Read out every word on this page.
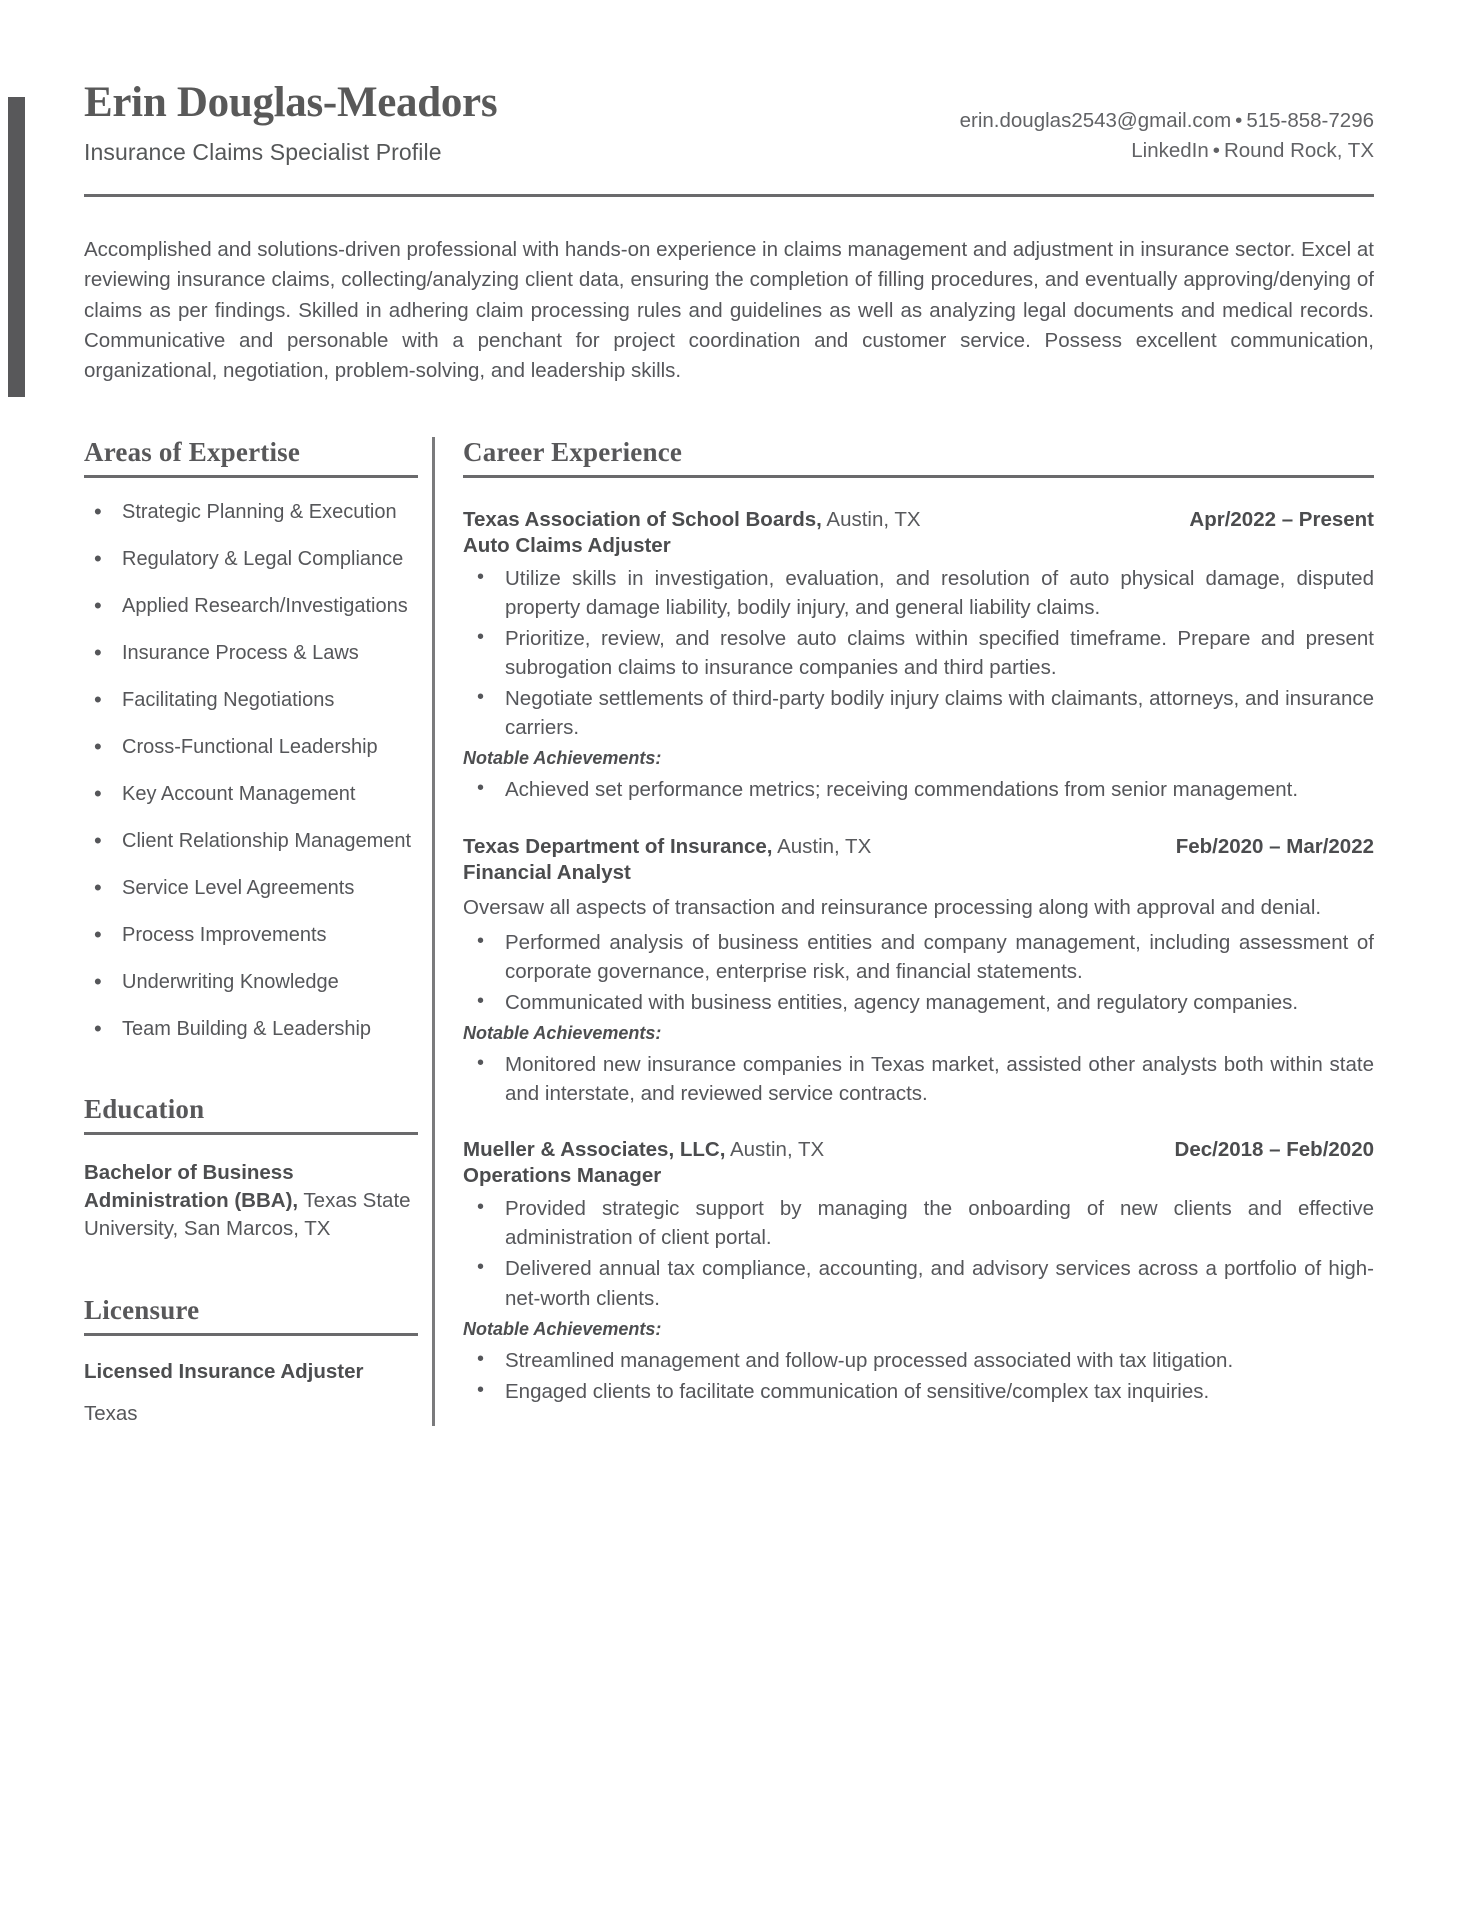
Erin Douglas-Meadors
Insurance Claims Specialist Profile
erin.douglas2543@gmail.com • 515-858-7296
LinkedIn • Round Rock, TX
Accomplished and solutions-driven professional with hands-on experience in claims management and adjustment in insurance sector. Excel at reviewing insurance claims, collecting/analyzing client data, ensuring the completion of filling procedures, and eventually approving/denying of claims as per findings. Skilled in adhering claim processing rules and guidelines as well as analyzing legal documents and medical records. Communicative and personable with a penchant for project coordination and customer service. Possess excellent communication, organizational, negotiation, problem-solving, and leadership skills.
Areas of Expertise
• Strategic Planning & Execution
• Regulatory & Legal Compliance
• Applied Research/Investigations
• Insurance Process & Laws
• Facilitating Negotiations
• Cross-Functional Leadership
• Key Account Management
• Client Relationship Management
• Service Level Agreements
• Process Improvements
• Underwriting Knowledge
• Team Building & Leadership
Education
Bachelor of Business Administration (BBA), Texas State University, San Marcos, TX
Licensure
Licensed Insurance Adjuster
Texas
Career Experience
Texas Association of School Boards, Austin, TX	Apr/2022 – Present
Auto Claims Adjuster
• Utilize skills in investigation, evaluation, and resolution of auto physical damage, disputed property damage liability, bodily injury, and general liability claims.
• Prioritize, review, and resolve auto claims within specified timeframe. Prepare and present subrogation claims to insurance companies and third parties.
• Negotiate settlements of third-party bodily injury claims with claimants, attorneys, and insurance carriers.
Notable Achievements:
• Achieved set performance metrics; receiving commendations from senior management.
Texas Department of Insurance, Austin, TX	Feb/2020 – Mar/2022
Financial Analyst
Oversaw all aspects of transaction and reinsurance processing along with approval and denial.
• Performed analysis of business entities and company management, including assessment of corporate governance, enterprise risk, and financial statements.
• Communicated with business entities, agency management, and regulatory companies.
Notable Achievements:
• Monitored new insurance companies in Texas market, assisted other analysts both within state and interstate, and reviewed service contracts.
Mueller & Associates, LLC, Austin, TX	Dec/2018 – Feb/2020
Operations Manager
• Provided strategic support by managing the onboarding of new clients and effective administration of client portal.
• Delivered annual tax compliance, accounting, and advisory services across a portfolio of high-net-worth clients.
Notable Achievements:
• Streamlined management and follow-up processed associated with tax litigation.
• Engaged clients to facilitate communication of sensitive/complex tax inquiries.
